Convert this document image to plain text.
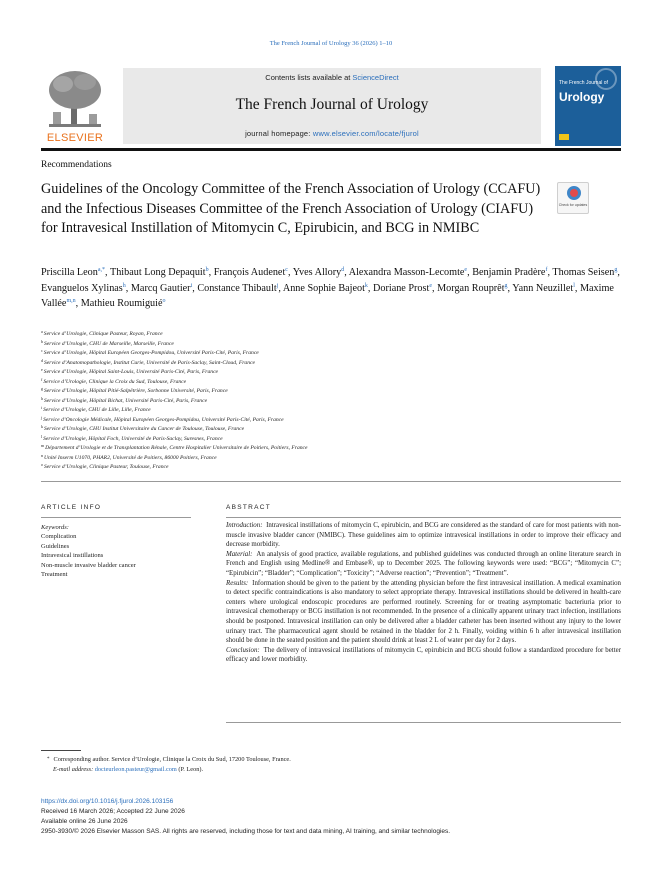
The French Journal of Urology 36 (2026) 1–10
ELSEVIER
Contents lists available at ScienceDirect
The French Journal of Urology
journal homepage: www.elsevier.com/locate/fjurol
The French Journal of
Urology
Recommendations
Guidelines of the Oncology Committee of the French Association of Urology (CCAFU) and the Infectious Diseases Committee of the French Association of Urology (CIAFU) for Intravesical Instillation of Mitomycin C, Epirubicin, and BCG in NMIBC
Check for updates
Priscilla Leon$^{a,*}$, Thibaut Long Depaquit$^b$, François Audenet$^c$, Yves Allory$^d$, Alexandra Masson-Lecomte$^e$, Benjamin Pradère$^f$, Thomas Seisen$^g$, Evanguelos Xylinas$^h$, Marcq Gautier$^i$, Constance Thibault$^j$, Anne Sophie Bajeot$^k$, Doriane Prost$^e$, Morgan Rouprêt$^g$, Yann Neuzillet$^l$, Maxime Vallée$^{m,n}$, Mathieu Roumiguié$^o$
$^a$Service d’Urologie, Clinique Pasteur, Royan, France
$^b$Service d’Urologie, CHU de Marseille, Marseille, France
$^c$Service d’Urologie, Hôpital Européen Georges-Pompidou, Université Paris-Cité, Paris, France
$^d$Service d’Anatomopathologie, Institut Curie, Université de Paris-Saclay, Saint-Cloud, France
$^e$Service d’Urologie, Hôpital Saint-Louis, Université Paris-Cité, Paris, France
$^f$Service d’Urologie, Clinique la Croix du Sud, Toulouse, France
$^g$Service d’Urologie, Hôpital Pitié-Salpêtrière, Sorbonne Université, Paris, France
$^h$Service d’Urologie, Hôpital Bichat, Université Paris-Cité, Paris, France
$^i$Service d’Urologie, CHU de Lille, Lille, France
$^j$Service d’Oncologie Médicale, Hôpital Européen Georges-Pompidou, Université Paris-Cité, Paris, France
$^k$Service d’Urologie, CHU Institut Universitaire du Cancer de Toulouse, Toulouse, France
$^l$Service d’Urologie, Hôpital Foch, Université de Paris-Saclay, Suresnes, France
$^m$Département d’Urologie et de Transplantation Rénale, Centre Hospitalier Universitaire de Poitiers, Poitiers, France
$^n$Unité Inserm U1070, PHAR2, Université de Poitiers, 86000 Poitiers, France
$^o$Service d’Urologie, Clinique Pasteur, Toulouse, France
ARTICLE INFO
Keywords:
Complication
Guidelines
Intravesical instillations
Non-muscle invasive bladder cancer
Treatment
ABSTRACT

Introduction: Intravesical instillations of mitomycin C, epirubicin, and BCG are considered as the standard of care for most patients with non-muscle invasive bladder cancer (NMIBC). These guidelines aim to optimize intravesical instillations in order to improve their efficacy and decrease morbidity.

Material: An analysis of good practice, available regulations, and published guidelines was conducted through an online literature search in French and English using Medline® and Embase®, up to December 2025. The following keywords were used: “BCG”; “Mitomycin C”; “Epirubicin”; “Bladder”; “Complication”; “Toxicity”; “Adverse reaction”; “Prevention”; “Treatment”.

Results: Information should be given to the patient by the attending physician before the first intravesical instillation. A medical examination to detect specific contraindications is also mandatory to select appropriate therapy. Intravesical instillations should be delivered in health-care centers where urological endoscopic procedures are performed routinely. Screening for or treating asymptomatic bacteriuria prior to intravesical chemotherapy or BCG instillation is not recommended. In the presence of a clinically apparent urinary tract infection, instillations should be postponed. Intravesical instillation can only be delivered after a bladder catheter has been inserted without any injury to the lower urinary tract. The pharmaceutical agent should be retained in the bladder for 2 h. Finally, voiding within 6 h after intravesical instillation should be done in the seated position and the patient should drink at least 2 L of water per day for 2 days.

Conclusion: The delivery of intravesical instillations of mitomycin C, epirubicin and BCG should follow a standardized procedure for better efficacy and lower morbidity.

* Corresponding author. Service d’Urologie, Clinique la Croix du Sud, 17200 Toulouse, France.
E-mail address: docteurleon.pasteur@gmail.com (P. Leon).
https://dx.doi.org/10.1016/j.fjurol.2026.103156
Received 16 March 2026; Accepted 22 June 2026
Available online 26 June 2026
2950-3930/© 2026 Elsevier Masson SAS. All rights are reserved, including those for text and data mining, AI training, and similar technologies.
